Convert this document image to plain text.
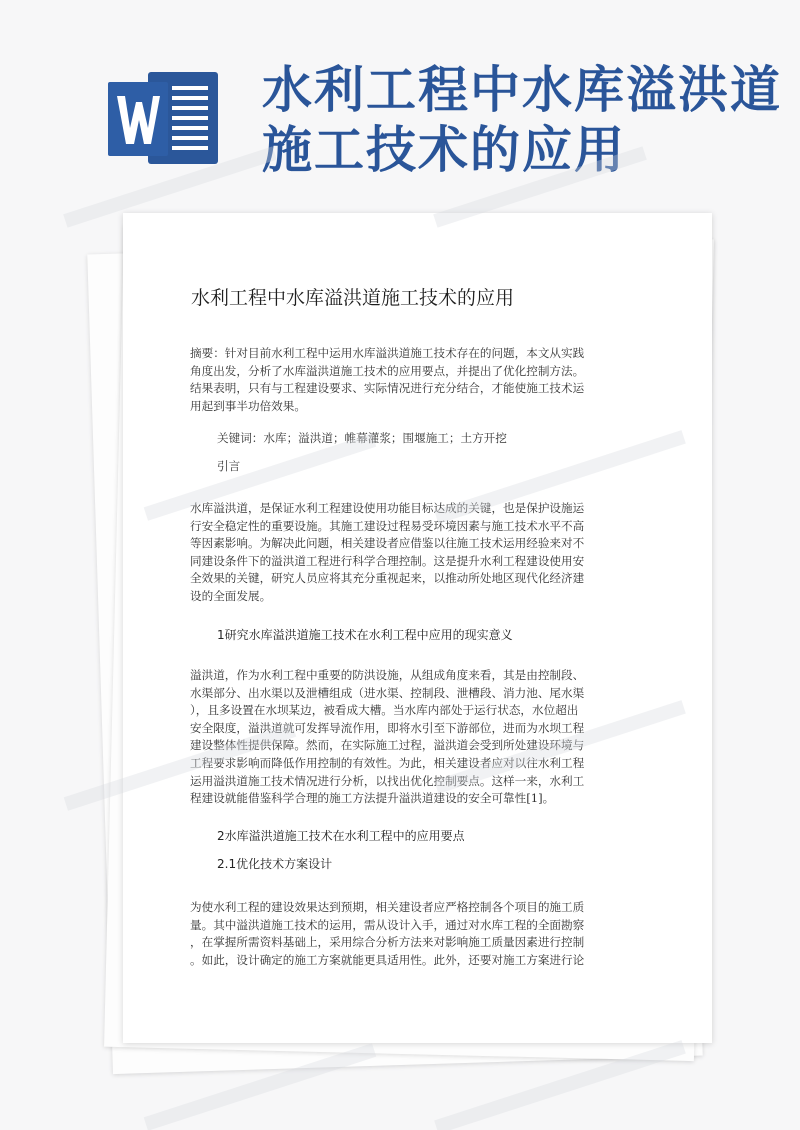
水利工程中水库溢洪道
施工技术的应用
水利工程中水库溢洪道施工技术的应用
摘要：针对目前水利工程中运用水库溢洪道施工技术存在的问题，本文从实践
角度出发，分析了水库溢洪道施工技术的应用要点，并提出了优化控制方法。
结果表明，只有与工程建设要求、实际情况进行充分结合，才能使施工技术运
用起到事半功倍效果。
关键词：水库；溢洪道；帷幕灌浆；围堰施工；土方开挖
引言
水库溢洪道，是保证水利工程建设使用功能目标达成的关键，也是保护设施运
行安全稳定性的重要设施。其施工建设过程易受环境因素与施工技术水平不高
等因素影响。为解决此问题，相关建设者应借鉴以往施工技术运用经验来对不
同建设条件下的溢洪道工程进行科学合理控制。这是提升水利工程建设使用安
全效果的关键，研究人员应将其充分重视起来，以推动所处地区现代化经济建
设的全面发展。
1研究水库溢洪道施工技术在水利工程中应用的现实意义
溢洪道，作为水利工程中重要的防洪设施，从组成角度来看，其是由控制段、
水渠部分、出水渠以及泄槽组成（进水渠、控制段、泄槽段、消力池、尾水渠
），且多设置在水坝某边，被看成大槽。当水库内部处于运行状态，水位超出
安全限度，溢洪道就可发挥导流作用，即将水引至下游部位，进而为水坝工程
建设整体性提供保障。然而，在实际施工过程，溢洪道会受到所处建设环境与
工程要求影响而降低作用控制的有效性。为此，相关建设者应对以往水利工程
运用溢洪道施工技术情况进行分析，以找出优化控制要点。这样一来，水利工
程建设就能借鉴科学合理的施工方法提升溢洪道建设的安全可靠性[1]。
2水库溢洪道施工技术在水利工程中的应用要点
2.1优化技术方案设计
为使水利工程的建设效果达到预期，相关建设者应严格控制各个项目的施工质
量。其中溢洪道施工技术的运用，需从设计入手，通过对水库工程的全面勘察
，在掌握所需资料基础上，采用综合分析方法来对影响施工质量因素进行控制
。如此，设计确定的施工方案就能更具适用性。此外，还要对施工方案进行论
